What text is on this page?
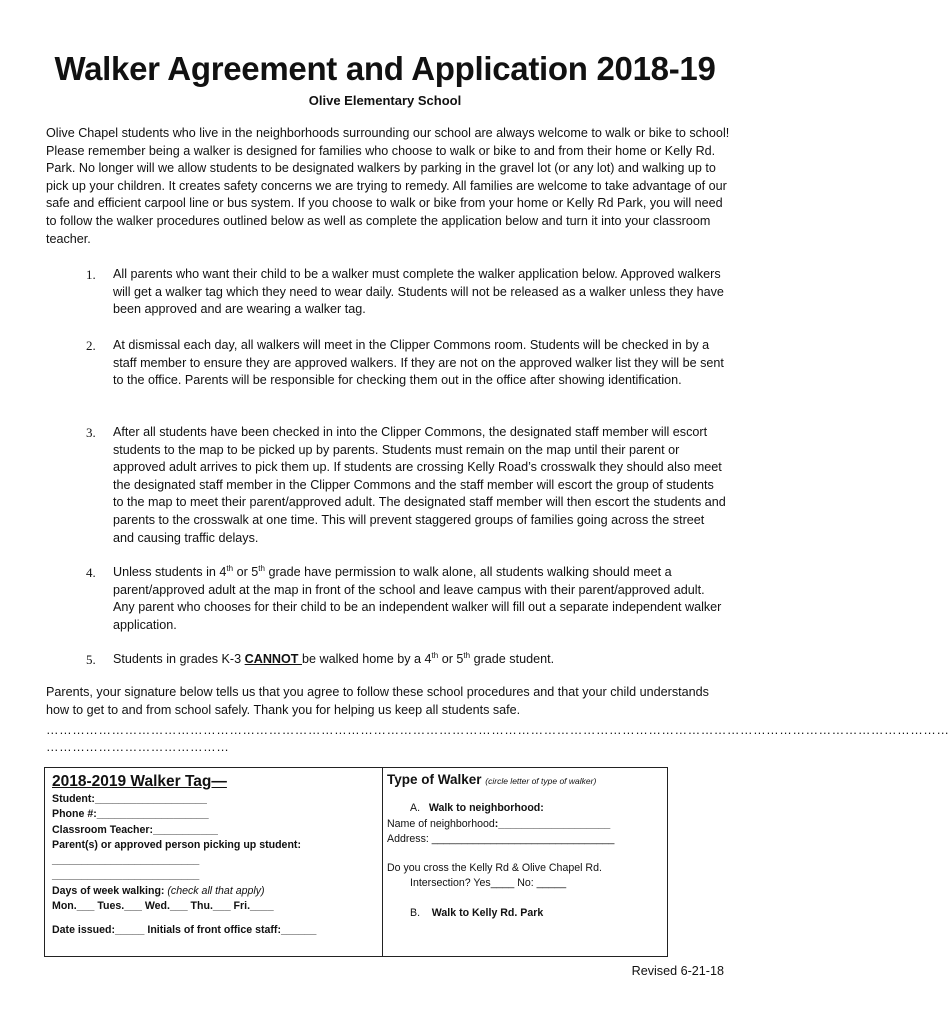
Walker Agreement and Application 2018-19
Olive Elementary School
Olive Chapel students who live in the neighborhoods surrounding our school are always welcome to walk or bike to school! Please remember being a walker is designed for families who choose to walk or bike to and from their home or Kelly Rd. Park. No longer will we allow students to be designated walkers by parking in the gravel lot (or any lot) and walking up to pick up your children. It creates safety concerns we are trying to remedy. All families are welcome to take advantage of our safe and efficient carpool line or bus system. If you choose to walk or bike from your home or Kelly Rd Park, you will need to follow the walker procedures outlined below as well as complete the application below and turn it into your classroom teacher.
1.	All parents who want their child to be a walker must complete the walker application below. Approved walkers will get a walker tag which they need to wear daily. Students will not be released as a walker unless they have been approved and are wearing a walker tag.
2.	At dismissal each day, all walkers will meet in the Clipper Commons room. Students will be checked in by a staff member to ensure they are approved walkers. If they are not on the approved walker list they will be sent to the office. Parents will be responsible for checking them out in the office after showing identification.
3.	After all students have been checked in into the Clipper Commons, the designated staff member will escort students to the map to be picked up by parents. Students must remain on the map until their parent or approved adult arrives to pick them up. If students are crossing Kelly Road’s crosswalk they should also meet the designated staff member in the Clipper Commons and the staff member will escort the group of students to the map to meet their parent/approved adult. The designated staff member will then escort the students and parents to the crosswalk at one time. This will prevent staggered groups of families going across the street and causing traffic delays.
4.	Unless students in 4th or 5th grade have permission to walk alone, all students walking should meet a parent/approved adult at the map in front of the school and leave campus with their parent/approved adult. Any parent who chooses for their child to be an independent walker will fill out a separate independent walker application.
5.	Students in grades K-3 CANNOT be walked home by a 4th or 5th grade student.
Parents, your signature below tells us that you agree to follow these school procedures and that your child understands how to get to and from school safely. Thank you for helping us keep all students safe.
………………………………………………………………………………………………………………………………………………………………………………………
……………………………………
2018-2019 Walker Tag—
Student:___________________
Phone #:___________________
Classroom Teacher:___________
Parent(s) or approved person picking up student:
_________________________
_________________________
Days of week walking: (check all that apply)
Mon.___ Tues.___ Wed.___ Thu.___ Fri.____
Date issued:_____ Initials of front office staff:______
Type of Walker (circle letter of type of walker)
A. Walk to neighborhood:
Name of neighborhood:___________________
Address: _______________________________
Do you cross the Kelly Rd & Olive Chapel Rd.
Intersection? Yes____ No: _____
B. Walk to Kelly Rd. Park
Revised 6-21-18
